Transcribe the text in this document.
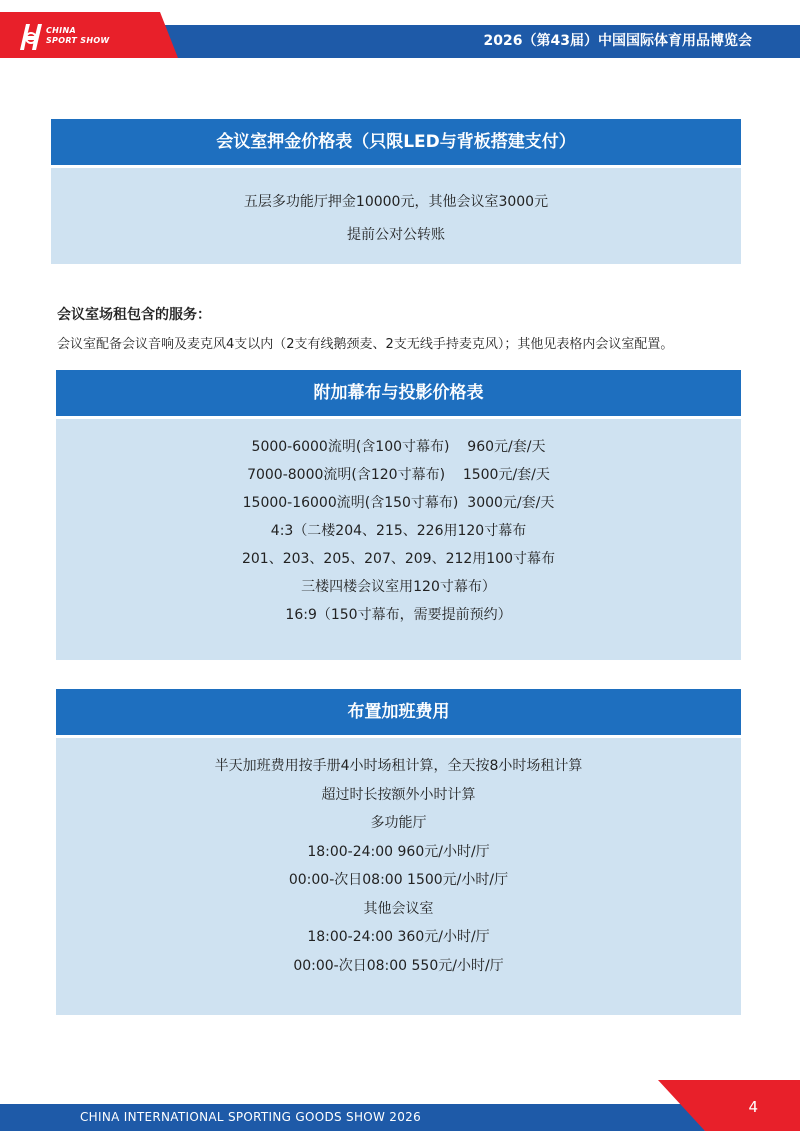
CHINA
SPORT SHOW	2026（第43届）中国国际体育用品博览会
会议室押金价格表（只限LED与背板搭建支付）
五层多功能厅押金10000元，其他会议室3000元
提前公对公转账
会议室场租包含的服务：
会议室配备会议音响及麦克风4支以内（2支有线鹅颈麦、2支无线手持麦克风）；其他见表格内会议室配置。
附加幕布与投影价格表
5000-6000流明(含100寸幕布)    960元/套/天
7000-8000流明(含120寸幕布)    1500元/套/天
15000-16000流明(含150寸幕布)  3000元/套/天
4:3（二楼204、215、226用120寸幕布
201、203、205、207、209、212用100寸幕布
三楼四楼会议室用120寸幕布）
16:9（150寸幕布，需要提前预约）
布置加班费用
半天加班费用按手册4小时场租计算，全天按8小时场租计算
超过时长按额外小时计算
多功能厅
18:00-24:00 960元/小时/厅
00:00-次日08:00 1500元/小时/厅
其他会议室
18:00-24:00 360元/小时/厅
00:00-次日08:00 550元/小时/厅
CHINA INTERNATIONAL SPORTING GOODS SHOW 2026
4
